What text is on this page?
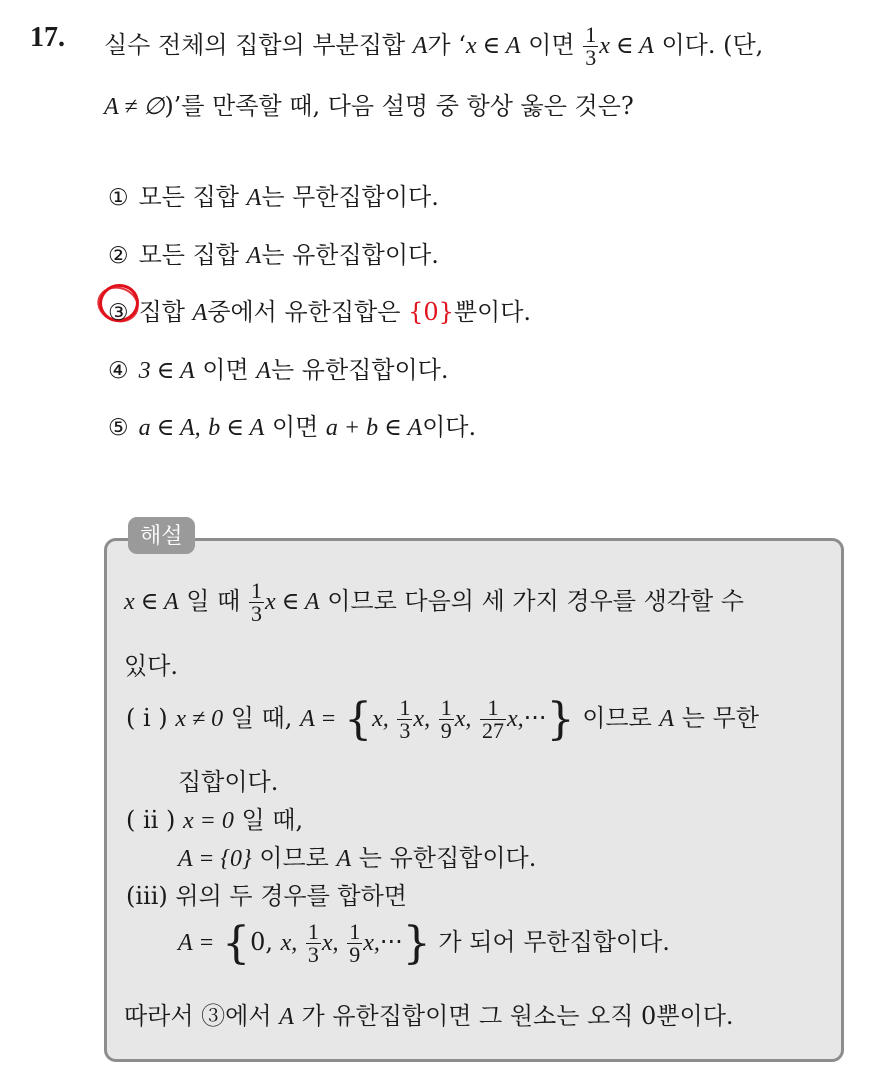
17. 실수 전체의 집합의 부분집합 A가 ‘x ∈ A 이면 $\frac{1}{3}$ x ∈ A 이다. (단,
A ≠ ∅)’를 만족할 때, 다음 설명 중 항상 옳은 것은?
① 모든 집합 A는 무한집합이다.
② 모든 집합 A는 유한집합이다.
③ 집합 A중에서 유한집합은 {0}뿐이다.
④ 3 ∈ A 이면 A는 유한집합이다.
⑤ a ∈ A, b ∈ A 이면 a + b ∈ A이다.
해설
x ∈ A 일 때 $\frac{1}{3}$ x ∈ A 이므로 다음의 세 가지 경우를 생각할 수
있다.
( i ) x ≠ 0 일 때, A = {x, $\frac{1}{3} x$, $\frac{1}{9} x$, $\frac{1}{27} x,\cdot\cdot\cdot$} 이므로 A 는 무한
집합이다.
( ii ) x = 0 일 때,
A = {0} 이므로 A 는 유한집합이다.
(iii) 위의 두 경우를 합하면
A = {0, x, $\frac{1}{3} x$, $\frac{1}{9} x,\cdot\cdot\cdot$} 가 되어 무한집합이다.
따라서 ③에서 A 가 유한집합이면 그 원소는 오직 0뿐이다.
